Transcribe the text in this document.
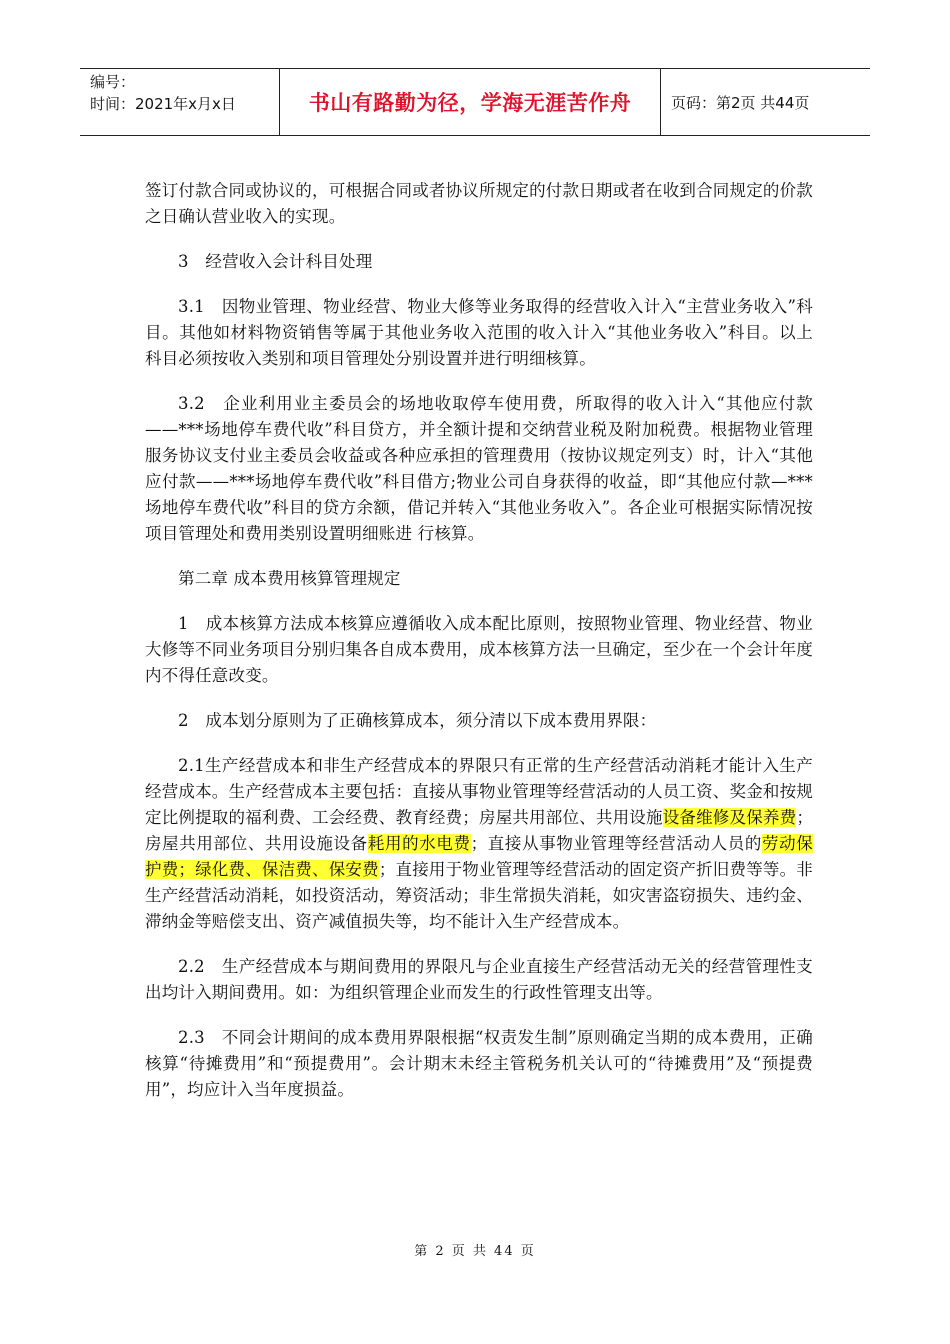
编号：
时间：2021年x月x日	书山有路勤为径，学海无涯苦作舟	页码：第2页 共44页

签订付款合同或协议的，可根据合同或者协议所规定的付款日期或者在收到合同规定的价款之日确认营业收入的实现。

3　经营收入会计科目处理

3.1　因物业管理、物业经营、物业大修等业务取得的经营收入计入“主营业务收入”科目。其他如材料物资销售等属于其他业务收入范围的收入计入“其他业务收入”科目。以上科目必须按收入类别和项目管理处分别设置并进行明细核算。

3.2　企业利用业主委员会的场地收取停车使用费，所取得的收入计入“其他应付款——***场地停车费代收”科目贷方，并全额计提和交纳营业税及附加税费。根据物业管理服务协议支付业主委员会收益或各种应承担的管理费用（按协议规定列支）时，计入“其他应付款——***场地停车费代收”科目借方;物业公司自身获得的收益，即“其他应付款—***场地停车费代收”科目的贷方余额，借记并转入“其他业务收入”。各企业可根据实际情况按项目管理处和费用类别设置明细账进 行核算。

第二章 成本费用核算管理规定

1　成本核算方法成本核算应遵循收入成本配比原则，按照物业管理、物业经营、物业大修等不同业务项目分别归集各自成本费用，成本核算方法一旦确定，至少在一个会计年度内不得任意改变。

2　成本划分原则为了正确核算成本，须分清以下成本费用界限：

2.1生产经营成本和非生产经营成本的界限只有正常的生产经营活动消耗才能计入生产经营成本。生产经营成本主要包括：直接从事物业管理等经营活动的人员工资、奖金和按规定比例提取的福利费、工会经费、教育经费；房屋共用部位、共用设施设备维修及保养费；房屋共用部位、共用设施设备耗用的水电费；直接从事物业管理等经营活动人员的劳动保护费；绿化费、保洁费、保安费；直接用于物业管理等经营活动的固定资产折旧费等等。非生产经营活动消耗，如投资活动，筹资活动；非生常损失消耗，如灾害盗窃损失、违约金、滞纳金等赔偿支出、资产减值损失等，均不能计入生产经营成本。

2.2　生产经营成本与期间费用的界限凡与企业直接生产经营活动无关的经营管理性支出均计入期间费用。如：为组织管理企业而发生的行政性管理支出等。

2.3　不同会计期间的成本费用界限根据“权责发生制”原则确定当期的成本费用，正确核算“待摊费用”和“预提费用”。会计期末未经主管税务机关认可的“待摊费用”及“预提费用”，均应计入当年度损益。

第 2 页 共 44 页
